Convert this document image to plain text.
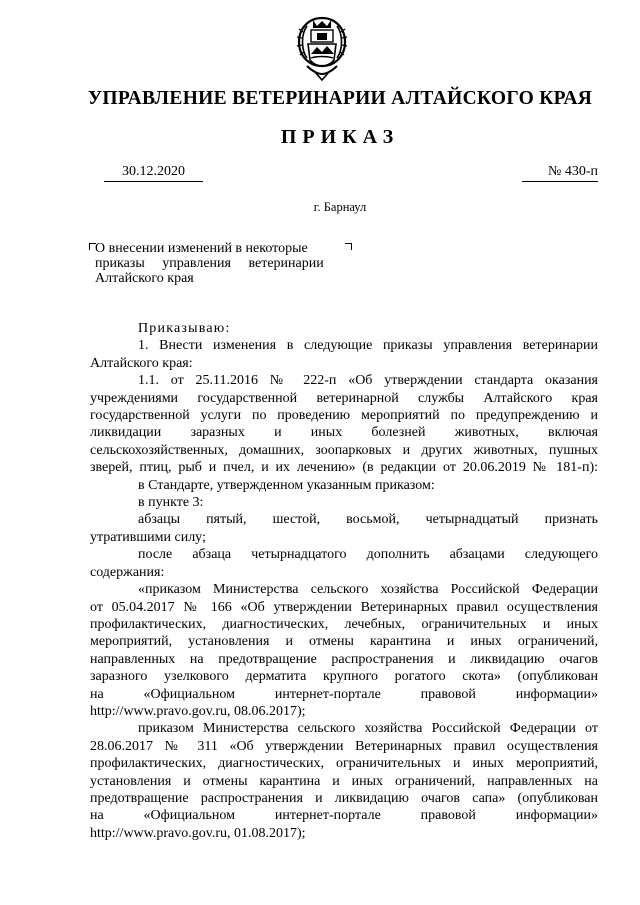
УПРАВЛЕНИЕ ВЕТЕРИНАРИИ АЛТАЙСКОГО КРАЯ
ПРИКАЗ
30.12.2020	№ 430-п
г. Барнаул
О внесении изменений в некоторые
приказы управления ветеринарии
Алтайского края

Приказываю:

1. Внести изменения в следующие приказы управления ветеринарии

Алтайского края:

1.1. от 25.11.2016 № 222-п «Об утверждении стандарта оказания

учреждениями государственной ветеринарной службы Алтайского края

государственной услуги по проведению мероприятий по предупреждению и

ликвидации заразных и иных болезней животных, включая

сельскохозяйственных, домашних, зоопарковых и других животных, пушных

зверей, птиц, рыб и пчел, и их лечению» (в редакции от 20.06.2019 № 181-п):

в Стандарте, утвержденном указанным приказом:

в пункте 3:

абзацы пятый, шестой, восьмой, четырнадцатый признать

утратившими силу;

после абзаца четырнадцатого дополнить абзацами следующего

содержания:

«приказом Министерства сельского хозяйства Российской Федерации

от 05.04.2017 № 166 «Об утверждении Ветеринарных правил осуществления

профилактических, диагностических, лечебных, ограничительных и иных

мероприятий, установления и отмены карантина и иных ограничений,

направленных на предотвращение распространения и ликвидацию очагов

заразного узелкового дерматита крупного рогатого скота» (опубликован

на «Официальном интернет-портале правовой информации»

http://www.pravo.gov.ru, 08.06.2017);

приказом Министерства сельского хозяйства Российской Федерации от

28.06.2017 № 311 «Об утверждении Ветеринарных правил осуществления

профилактических, диагностических, ограничительных и иных мероприятий,

установления и отмены карантина и иных ограничений, направленных на

предотвращение распространения и ликвидацию очагов сапа» (опубликован

на «Официальном интернет-портале правовой информации»

http://www.pravo.gov.ru, 01.08.2017);
